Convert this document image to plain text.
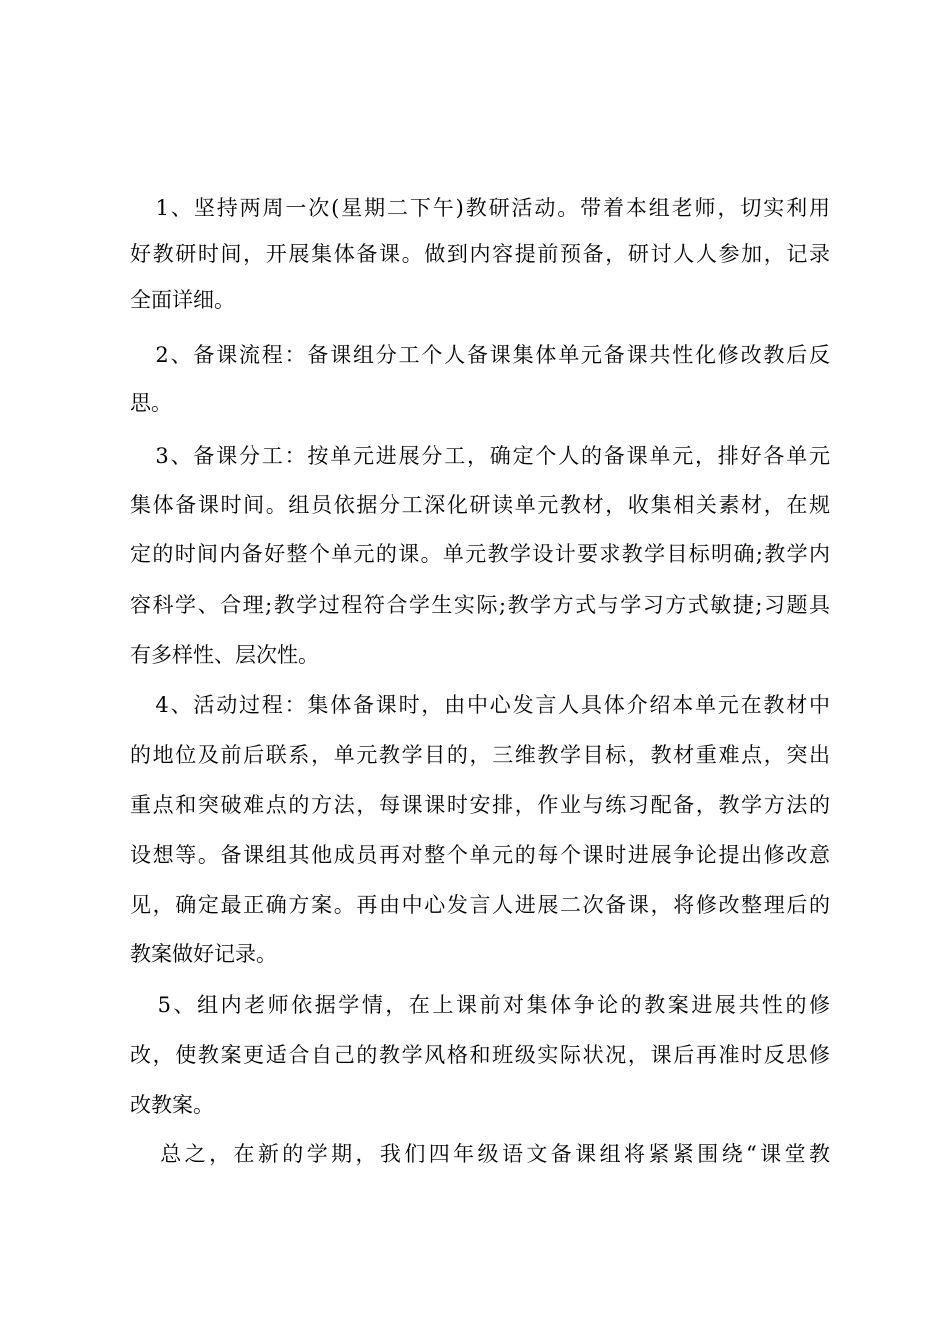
1、坚持两周一次(星期二下午)教研活动。带着本组老师，切实利用
好教研时间，开展集体备课。做到内容提前预备，研讨人人参加，记录
全面详细。
2、备课流程：备课组分工个人备课集体单元备课共性化修改教后反
思。
3、备课分工：按单元进展分工，确定个人的备课单元，排好各单元
集体备课时间。组员依据分工深化研读单元教材，收集相关素材，在规
定的时间内备好整个单元的课。单元教学设计要求教学目标明确;教学内
容科学、合理;教学过程符合学生实际;教学方式与学习方式敏捷;习题具
有多样性、层次性。
4、活动过程：集体备课时，由中心发言人具体介绍本单元在教材中
的地位及前后联系，单元教学目的，三维教学目标，教材重难点，突出
重点和突破难点的方法，每课课时安排，作业与练习配备，教学方法的
设想等。备课组其他成员再对整个单元的每个课时进展争论提出修改意
见，确定最正确方案。再由中心发言人进展二次备课，将修改整理后的
教案做好记录。
5、组内老师依据学情，在上课前对集体争论的教案进展共性的修
改，使教案更适合自己的教学风格和班级实际状况，课后再准时反思修
改教案。
总之，在新的学期，我们四年级语文备课组将紧紧围绕“课堂教
